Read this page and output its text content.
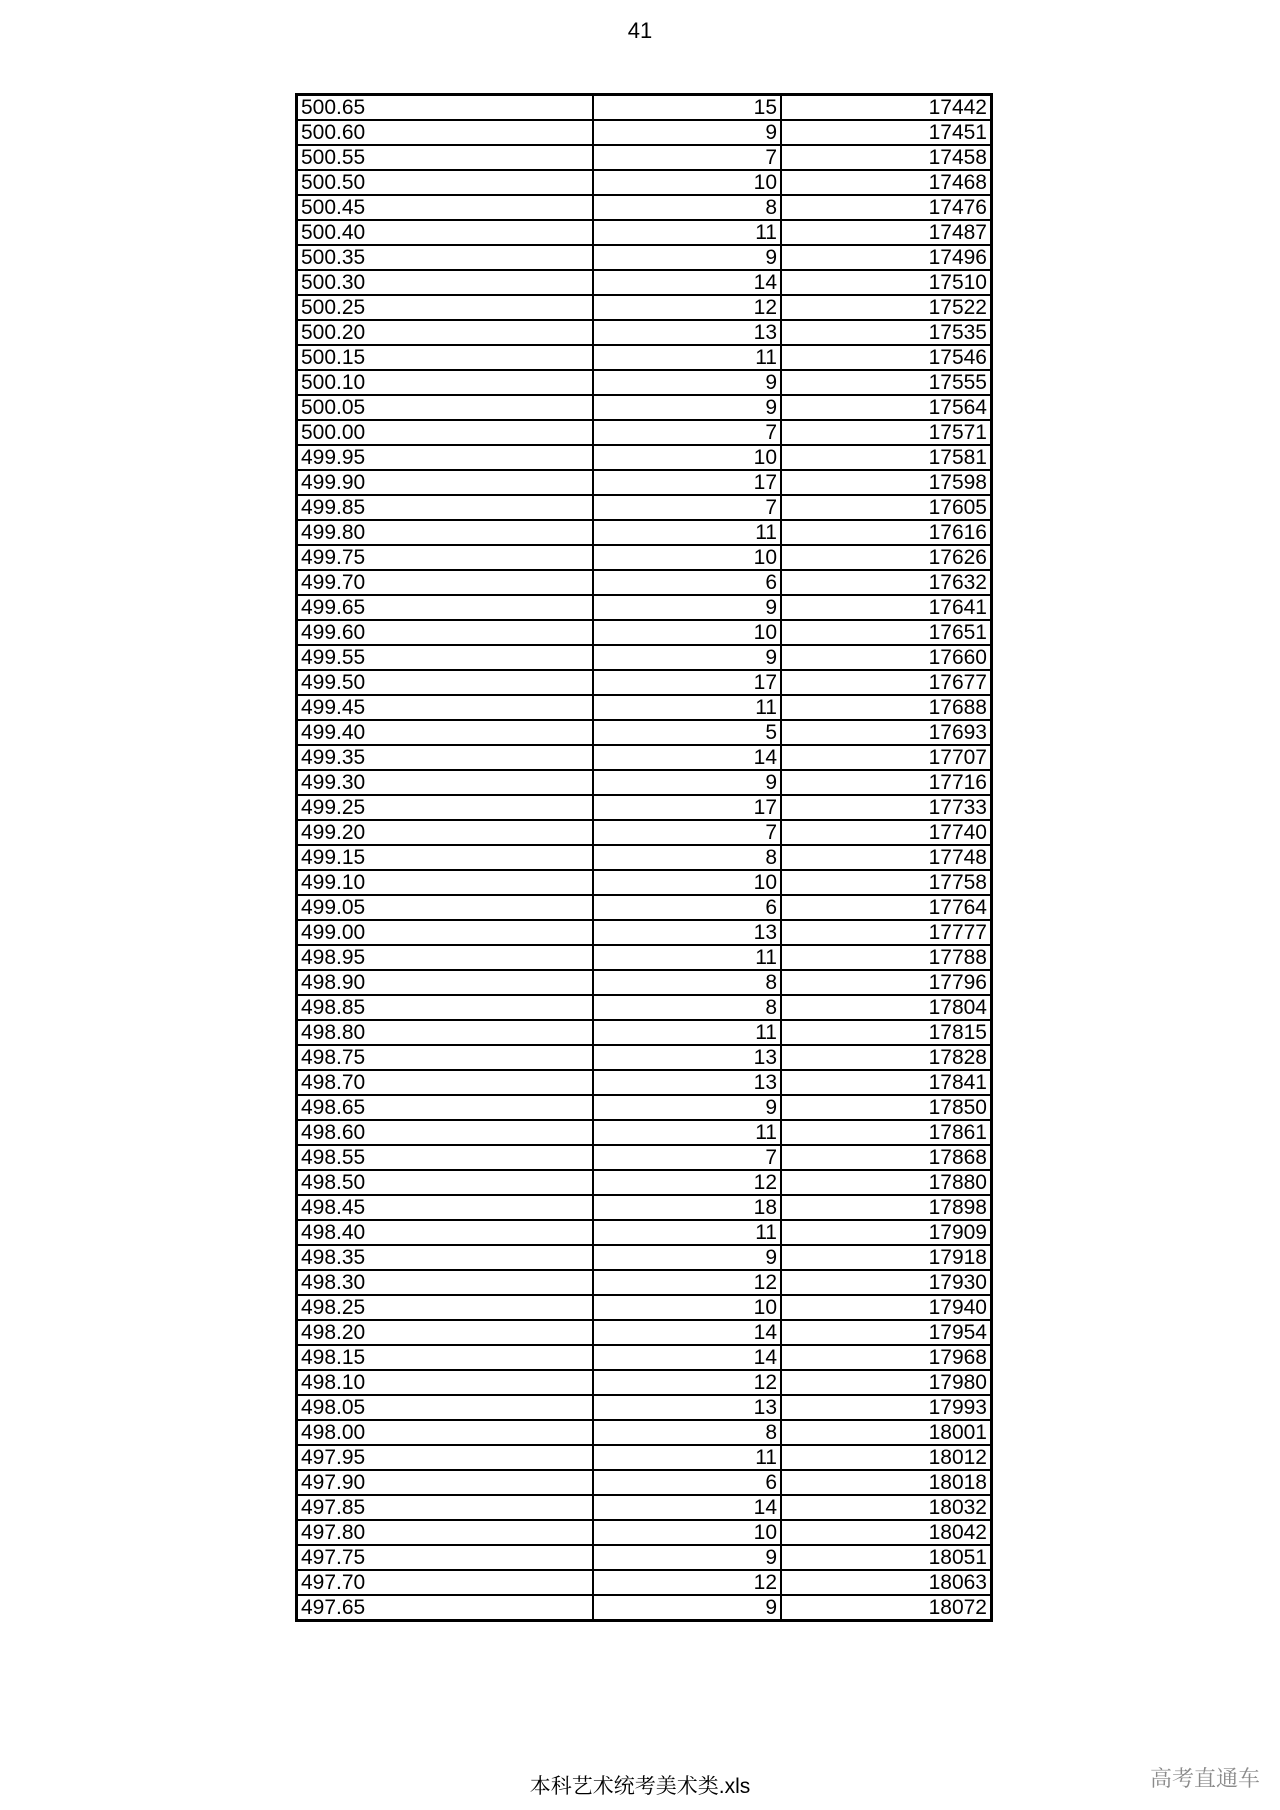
41
500.65	15	17442
500.60	9	17451
500.55	7	17458
500.50	10	17468
500.45	8	17476
500.40	11	17487
500.35	9	17496
500.30	14	17510
500.25	12	17522
500.20	13	17535
500.15	11	17546
500.10	9	17555
500.05	9	17564
500.00	7	17571
499.95	10	17581
499.90	17	17598
499.85	7	17605
499.80	11	17616
499.75	10	17626
499.70	6	17632
499.65	9	17641
499.60	10	17651
499.55	9	17660
499.50	17	17677
499.45	11	17688
499.40	5	17693
499.35	14	17707
499.30	9	17716
499.25	17	17733
499.20	7	17740
499.15	8	17748
499.10	10	17758
499.05	6	17764
499.00	13	17777
498.95	11	17788
498.90	8	17796
498.85	8	17804
498.80	11	17815
498.75	13	17828
498.70	13	17841
498.65	9	17850
498.60	11	17861
498.55	7	17868
498.50	12	17880
498.45	18	17898
498.40	11	17909
498.35	9	17918
498.30	12	17930
498.25	10	17940
498.20	14	17954
498.15	14	17968
498.10	12	17980
498.05	13	17993
498.00	8	18001
497.95	11	18012
497.90	6	18018
497.85	14	18032
497.80	10	18042
497.75	9	18051
497.70	12	18063
497.65	9	18072
本科艺术统考美术类.xls	高考直通车
